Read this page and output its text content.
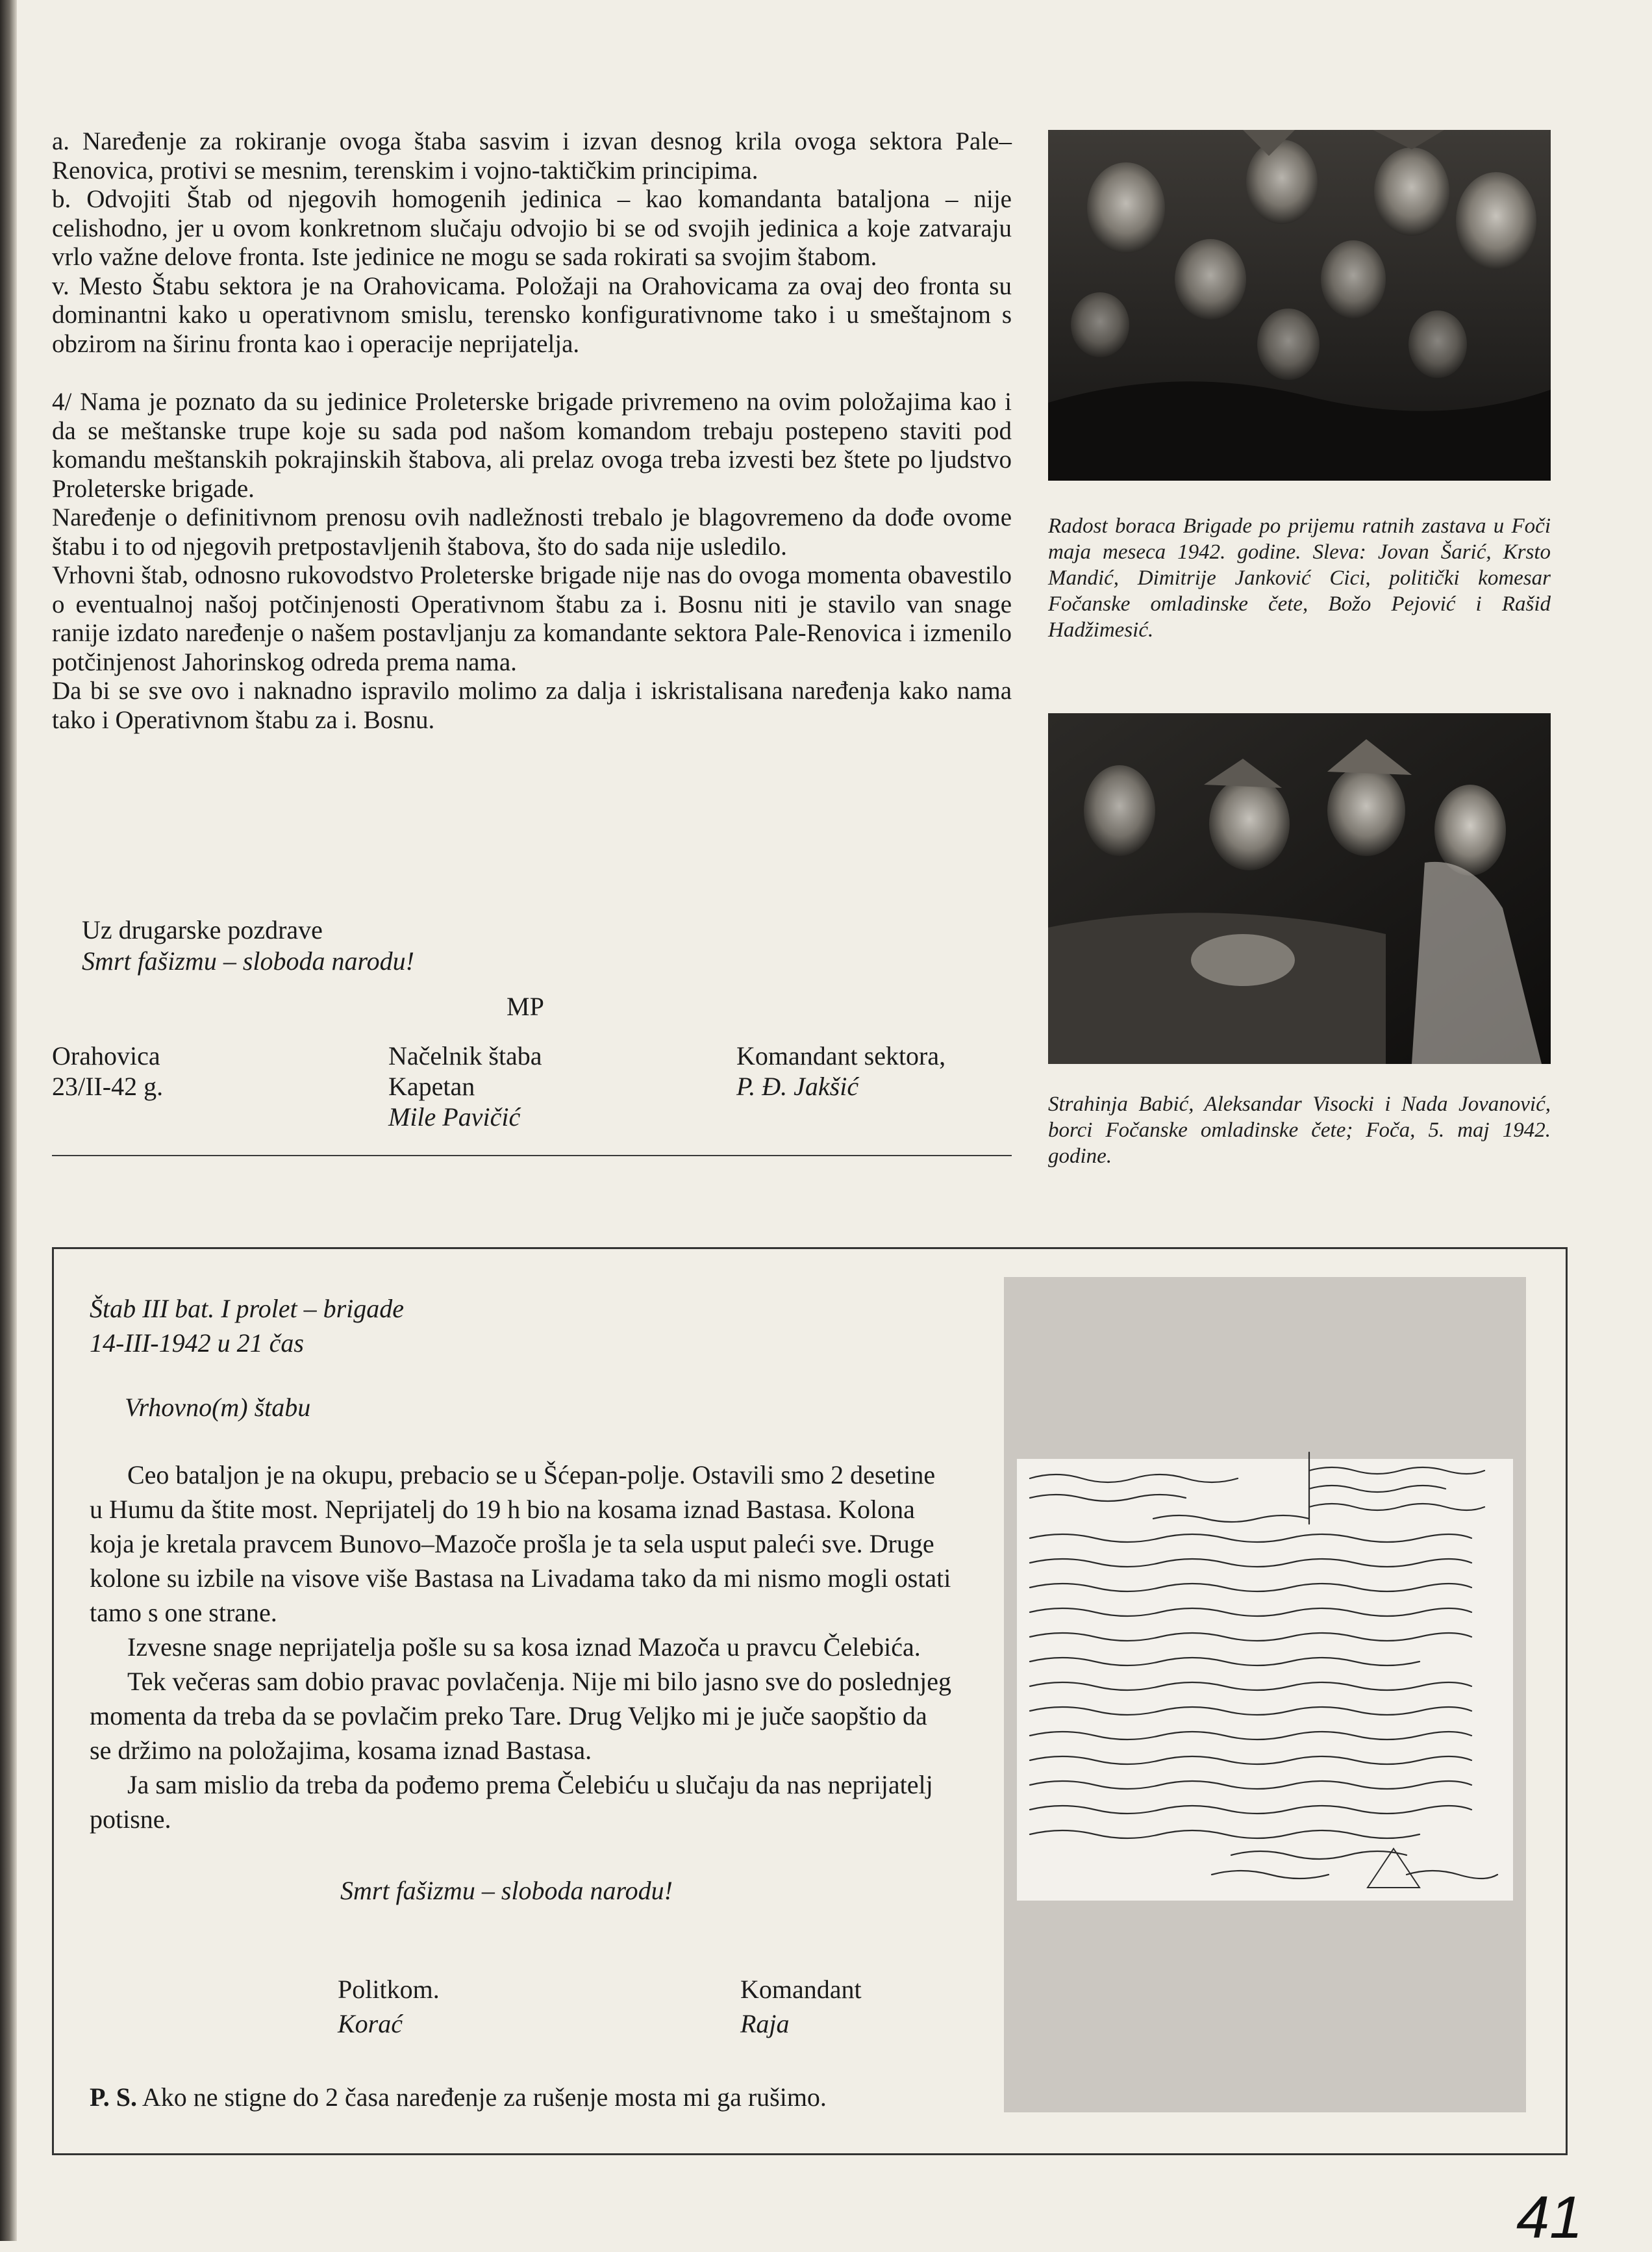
a. Naređenje za rokiranje ovoga štaba sasvim i izvan desnog krila ovoga sektora Pale–Renovica, protivi se mesnim, terenskim i vojno-taktičkim principima.

b. Odvojiti Štab od njegovih homogenih jedinica – kao komandanta bataljona – nije celishodno, jer u ovom konkretnom slučaju odvojio bi se od svojih jedinica a koje zatvaraju vrlo važne delove fronta. Iste jedinice ne mogu se sada rokirati sa svojim štabom.

v. Mesto Štabu sektora je na Orahovicama. Položaji na Orahovicama za ovaj deo fronta su dominantni kako u operativnom smislu, terensko konfigurativnome tako i u smeštajnom s obzirom na širinu fronta kao i operacije neprijatelja.

4/ Nama je poznato da su jedinice Proleterske brigade privremeno na ovim položajima kao i da se meštanske trupe koje su sada pod našom komandom trebaju postepeno staviti pod komandu meštanskih pokrajinskih štabova, ali prelaz ovoga treba izvesti bez štete po ljudstvo Proleterske brigade.

Naređenje o definitivnom prenosu ovih nadležnosti trebalo je blagovremeno da dođe ovome štabu i to od njegovih pretpostavljenih štabova, što do sada nije usledilo.

Vrhovni štab, odnosno rukovodstvo Proleterske brigade nije nas do ovoga momenta obavestilo o eventualnoj našoj potčinjenosti Operativnom štabu za i. Bosnu niti je stavilo van snage ranije izdato naređenje o našem postavljanju za komandante sektora Pale-Renovica i izmenilo potčinjenost Jahorinskog odreda prema nama.

Da bi se sve ovo i naknadno ispravilo molimo za dalja i iskristalisana naređenja kako nama tako i Operativnom štabu za i. Bosnu.

Uz drugarske pozdrave
Smrt fašizmu – sloboda narodu!
MP
Orahovica
23/II-42 g.
Načelnik štaba
Kapetan
Mile Pavičić
Komandant sektora,
P. Đ. Jakšić
Radost boraca Brigade po prijemu ratnih zastava u Foči maja meseca 1942. godine. Sleva: Jovan Šarić, Krsto Mandić, Dimitrije Janković Cici, politički komesar Fočanske omladinske čete, Božo Pejović i Rašid Hadžimesić.
Strahinja Babić, Aleksandar Visocki i Nada Jovanović, borci Fočanske omladinske čete; Foča, 5. maj 1942. godine.

Štab III bat. I prolet – brigade

14-III-1942 u 21 čas

Vrhovno(m) štabu

Ceo bataljon je na okupu, prebacio se u Šćepan-polje. Ostavili smo 2 desetine u Humu da štite most. Neprijatelj do 19 h bio na kosama iznad Bastasa. Kolona koja je kretala pravcem Bunovo–Mazoče prošla je ta sela usput paleći sve. Druge kolone su izbile na visove više Bastasa na Livadama tako da mi nismo mogli ostati tamo s one strane.

Izvesne snage neprijatelja pošle su sa kosa iznad Mazoča u pravcu Čelebića.

Tek večeras sam dobio pravac povlačenja. Nije mi bilo jasno sve do poslednjeg momenta da treba da se povlačim preko Tare. Drug Veljko mi je juče saopštio da se držimo na položajima, kosama iznad Bastasa.

Ja sam mislio da treba da pođemo prema Čelebiću u slučaju da nas neprijatelj potisne.

Smrt fašizmu – sloboda narodu!

Politkom.

Korać

Komandant

Raja

P. S. Ako ne stigne do 2 časa naređenje za rušenje mosta mi ga rušimo.

41
